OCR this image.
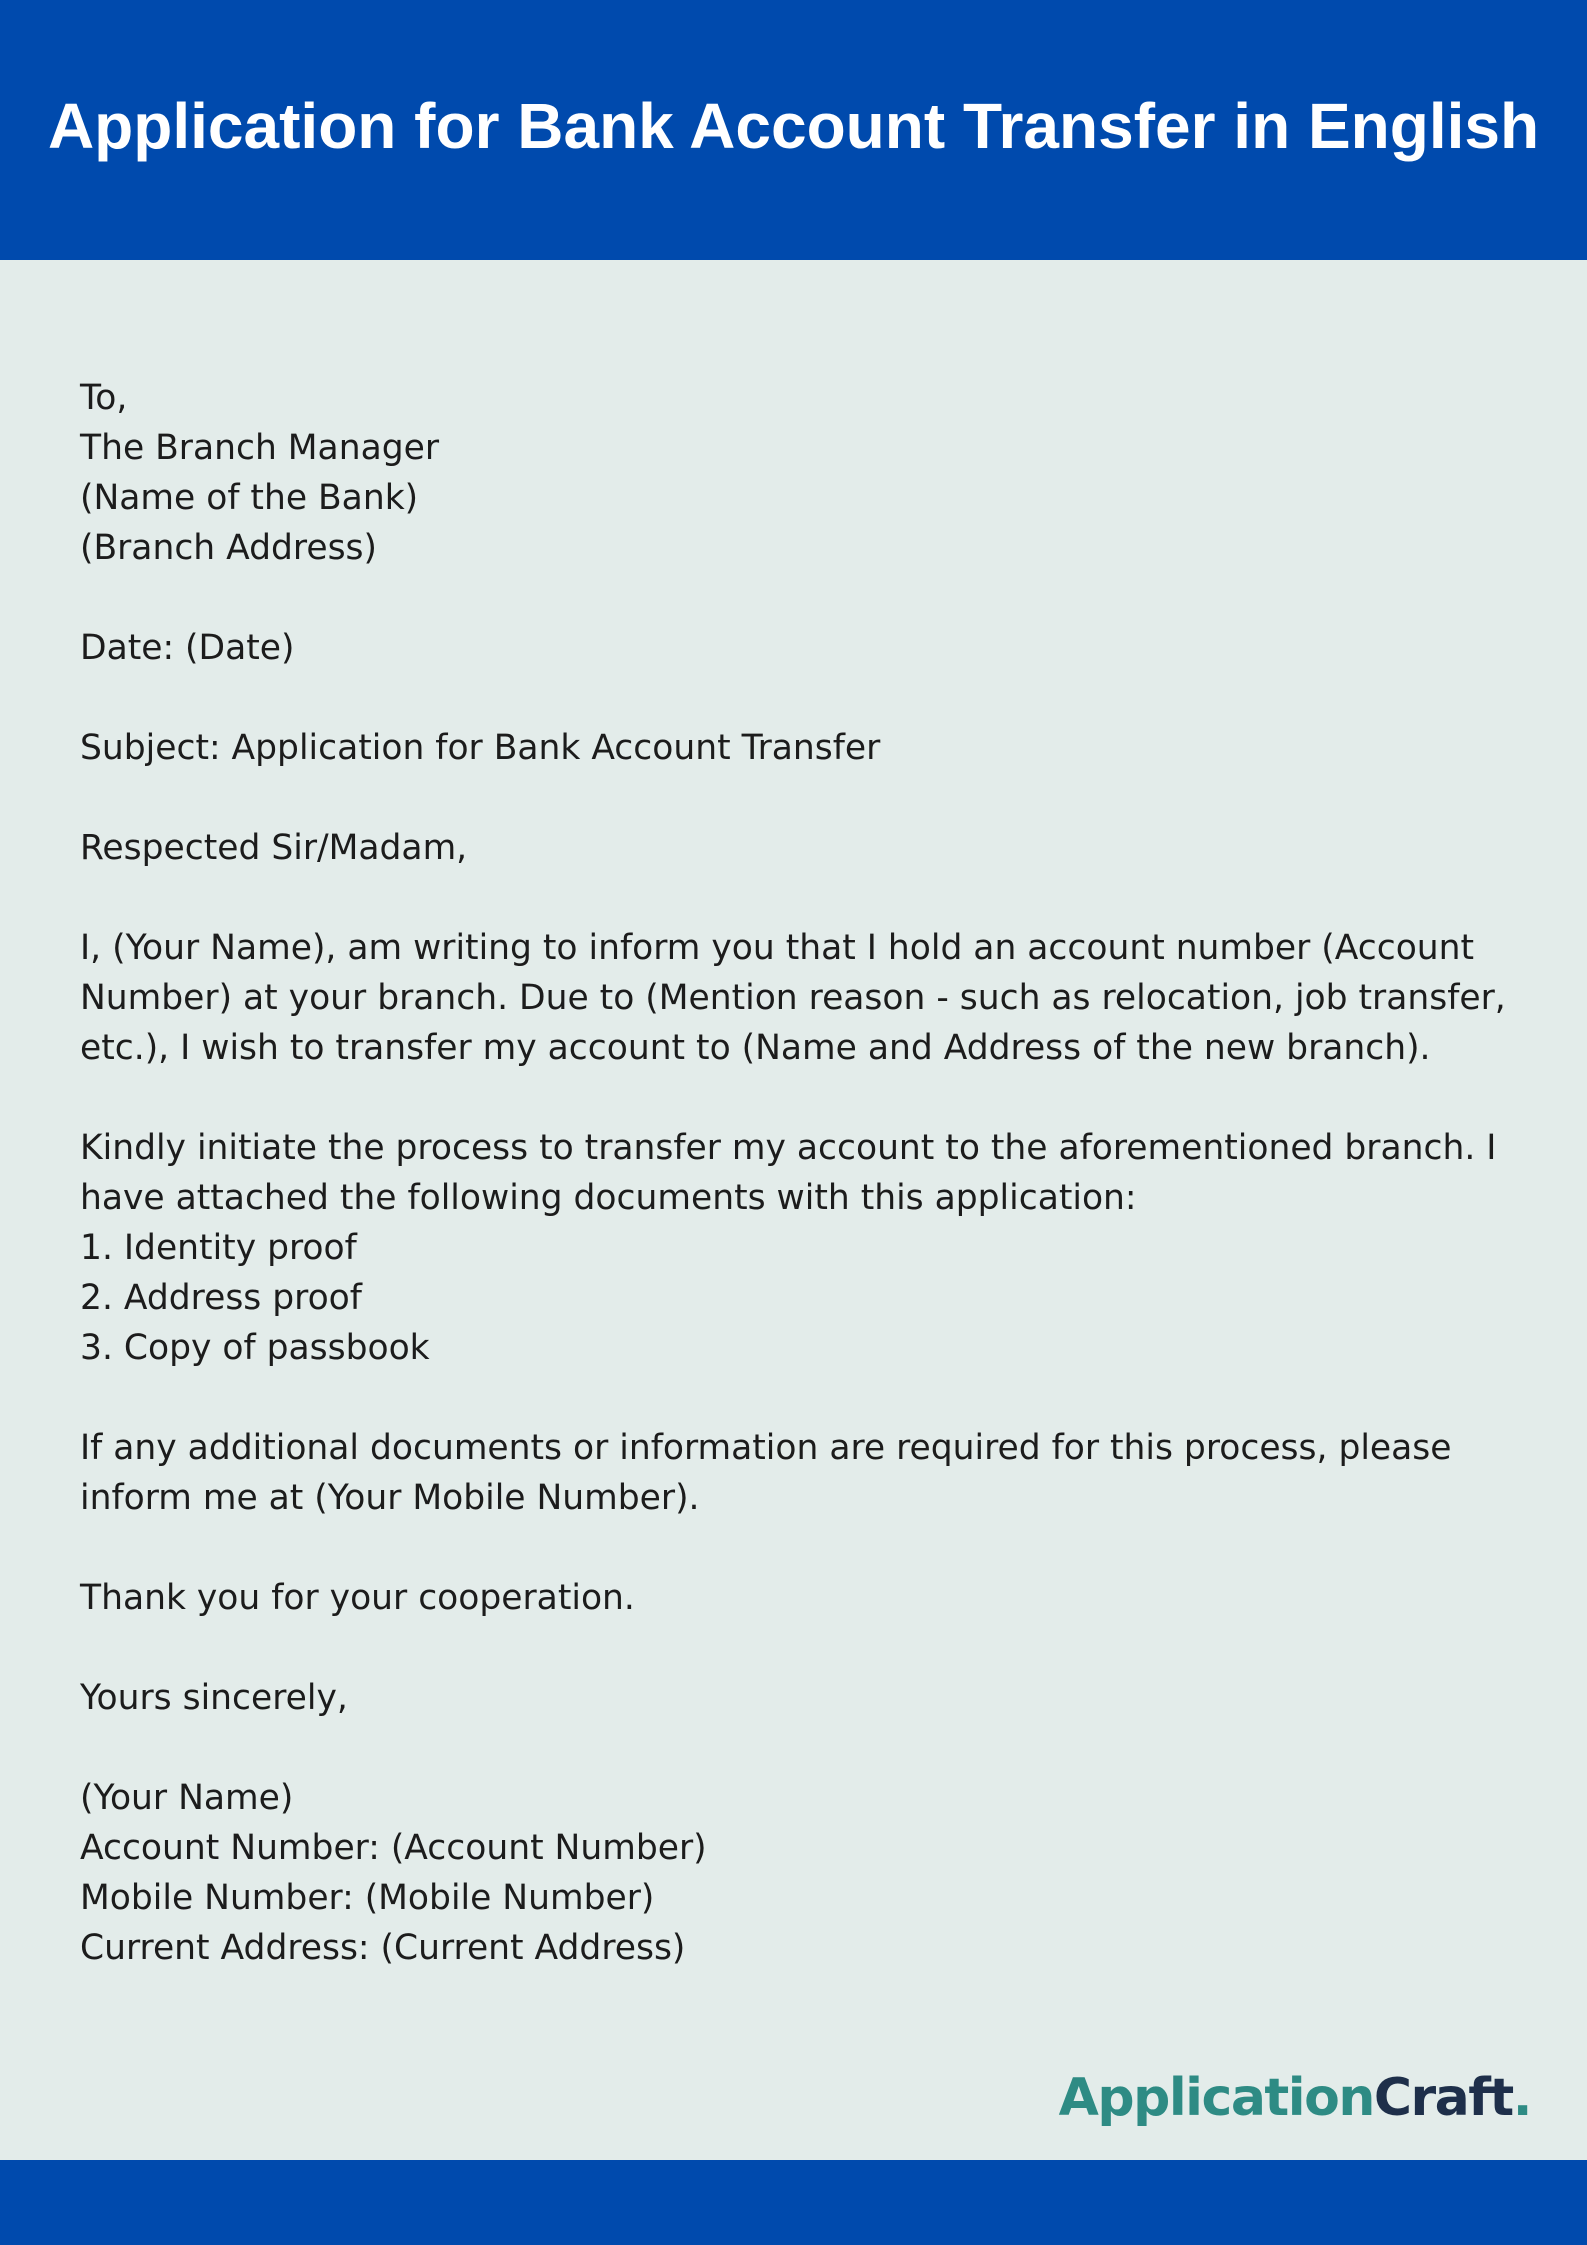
Application for Bank Account Transfer in English
To,
The Branch Manager
(Name of the Bank)
(Branch Address)
Date: (Date)
Subject: Application for Bank Account Transfer
Respected Sir/Madam,
I, (Your Name), am writing to inform you that I hold an account number (Account
Number) at your branch. Due to (Mention reason - such as relocation, job transfer,
etc.), I wish to transfer my account to (Name and Address of the new branch).
Kindly initiate the process to transfer my account to the aforementioned branch. I
have attached the following documents with this application:
1. Identity proof
2. Address proof
3. Copy of passbook
If any additional documents or information are required for this process, please
inform me at (Your Mobile Number).
Thank you for your cooperation.
Yours sincerely,
(Your Name)
Account Number: (Account Number)
Mobile Number: (Mobile Number)
Current Address: (Current Address)
ApplicationCraft.
